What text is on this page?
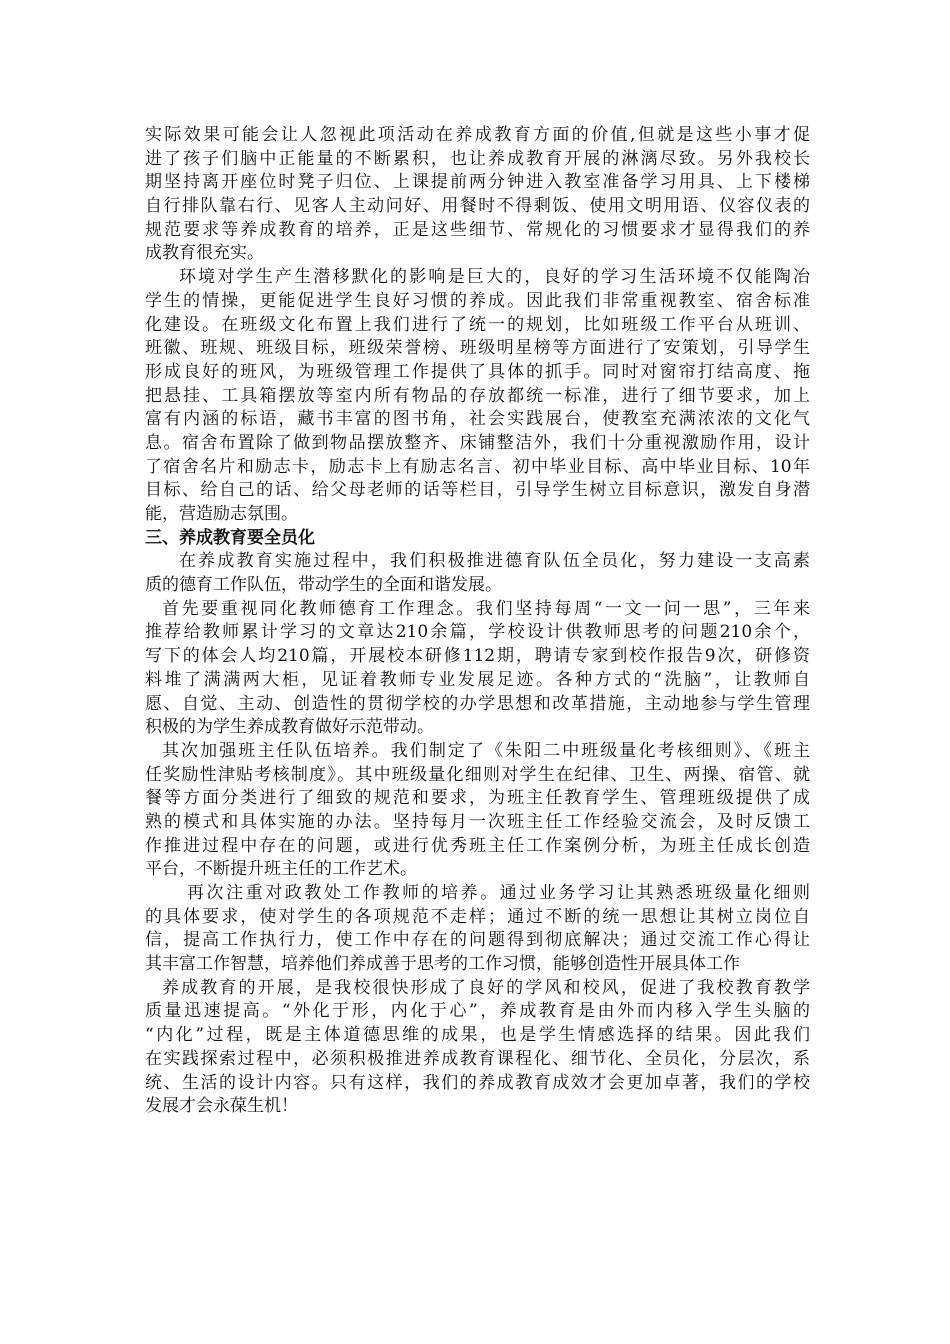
实际效果可能会让人忽视此项活动在养成教育方面的价值,但就是这些小事才促
进了孩子们脑中正能量的不断累积，也让养成教育开展的淋漓尽致。另外我校长
期坚持离开座位时凳子归位、上课提前两分钟进入教室准备学习用具、上下楼梯
自行排队靠右行、见客人主动问好、用餐时不得剩饭、使用文明用语、仪容仪表的
规范要求等养成教育的培养，正是这些细节、常规化的习惯要求才显得我们的养
成教育很充实。
环境对学生产生潜移默化的影响是巨大的，良好的学习生活环境不仅能陶冶
学生的情操，更能促进学生良好习惯的养成。因此我们非常重视教室、宿舍标准
化建设。在班级文化布置上我们进行了统一的规划，比如班级工作平台从班训、
班徽、班规、班级目标，班级荣誉榜、班级明星榜等方面进行了安策划，引导学生
形成良好的班风，为班级管理工作提供了具体的抓手。同时对窗帘打结高度、拖
把悬挂、工具箱摆放等室内所有物品的存放都统一标准，进行了细节要求，加上
富有内涵的标语，藏书丰富的图书角，社会实践展台，使教室充满浓浓的文化气
息。宿舍布置除了做到物品摆放整齐、床铺整洁外，我们十分重视激励作用，设计
了宿舍名片和励志卡，励志卡上有励志名言、初中毕业目标、高中毕业目标、10年
目标、给自己的话、给父母老师的话等栏目，引导学生树立目标意识，激发自身潜
能，营造励志氛围。
三、养成教育要全员化
在养成教育实施过程中，我们积极推进德育队伍全员化，努力建设一支高素
质的德育工作队伍，带动学生的全面和谐发展。
首先要重视同化教师德育工作理念。我们坚持每周“一文一问一思”，三年来
推荐给教师累计学习的文章达210余篇，学校设计供教师思考的问题210余个，
写下的体会人均210篇，开展校本研修112期，聘请专家到校作报告9次，研修资
料堆了满满两大柜，见证着教师专业发展足迹。各种方式的“洗脑”，让教师自
愿、自觉、主动、创造性的贯彻学校的办学思想和改革措施，主动地参与学生管理
积极的为学生养成教育做好示范带动。
其次加强班主任队伍培养。我们制定了《朱阳二中班级量化考核细则》、《班主
任奖励性津贴考核制度》。其中班级量化细则对学生在纪律、卫生、两操、宿管、就
餐等方面分类进行了细致的规范和要求，为班主任教育学生、管理班级提供了成
熟的模式和具体实施的办法。坚持每月一次班主任工作经验交流会，及时反馈工
作推进过程中存在的问题，或进行优秀班主任工作案例分析，为班主任成长创造
平台，不断提升班主任的工作艺术。
再次注重对政教处工作教师的培养。通过业务学习让其熟悉班级量化细则
的具体要求，使对学生的各项规范不走样；通过不断的统一思想让其树立岗位自
信，提高工作执行力，使工作中存在的问题得到彻底解决；通过交流工作心得让
其丰富工作智慧，培养他们养成善于思考的工作习惯，能够创造性开展具体工作
养成教育的开展，是我校很快形成了良好的学风和校风，促进了我校教育教学
质量迅速提高。“外化于形，内化于心”，养成教育是由外而内移入学生头脑的
“内化”过程，既是主体道德思维的成果，也是学生情感选择的结果。因此我们
在实践探索过程中，必须积极推进养成教育课程化、细节化、全员化，分层次，系
统、生活的设计内容。只有这样，我们的养成教育成效才会更加卓著，我们的学校
发展才会永葆生机！
